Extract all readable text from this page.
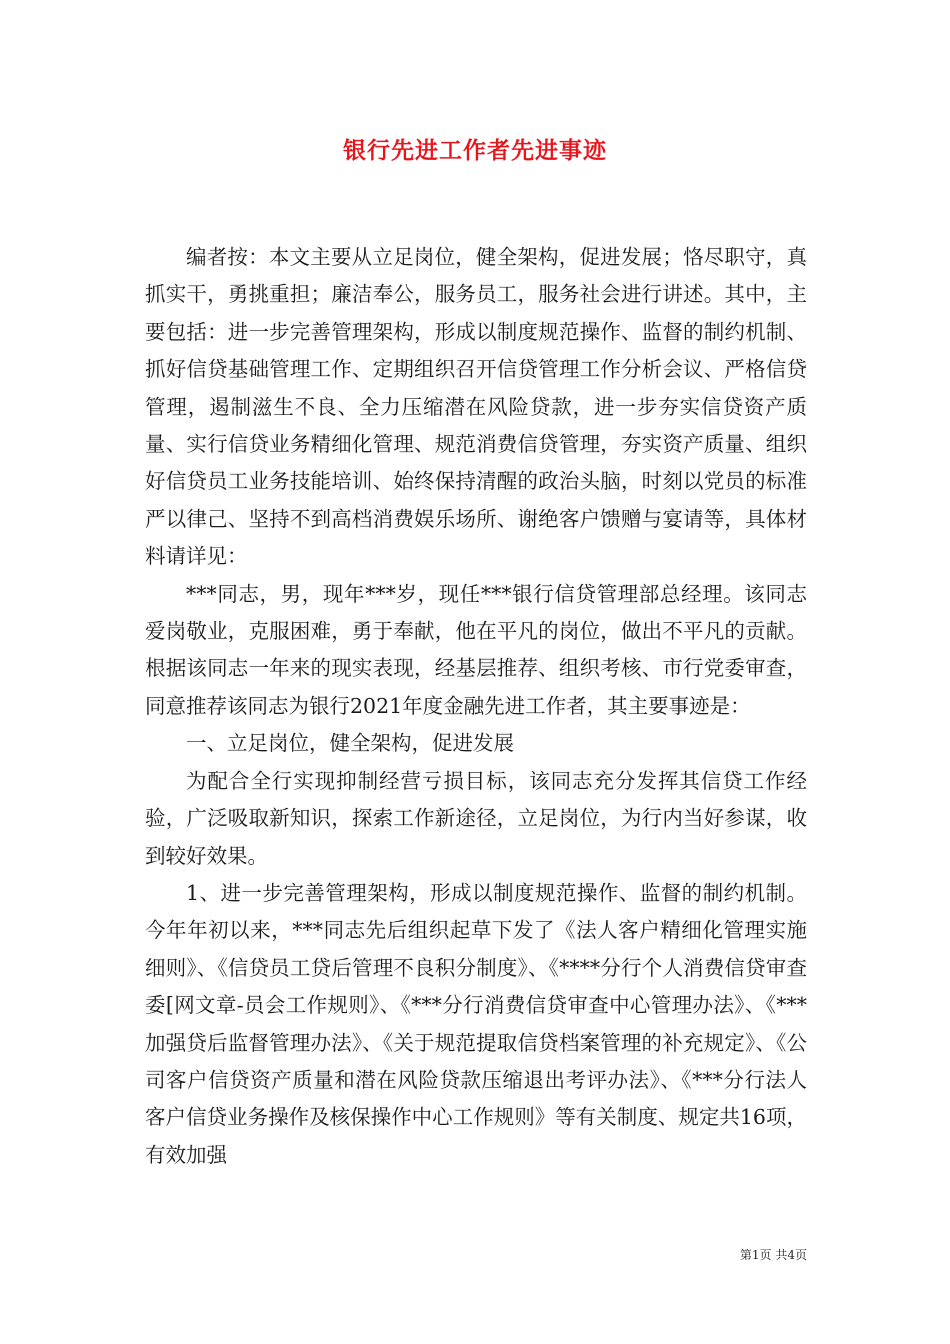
银行先进工作者先进事迹

编者按：本文主要从立足岗位，健全架构，促进发展；恪尽职守，真抓实干，勇挑重担；廉洁奉公，服务员工，服务社会进行讲述。其中，主要包括：进一步完善管理架构，形成以制度规范操作、监督的制约机制、抓好信贷基础管理工作、定期组织召开信贷管理工作分析会议、严格信贷管理，遏制滋生不良、全力压缩潜在风险贷款，进一步夯实信贷资产质量、实行信贷业务精细化管理、规范消费信贷管理，夯实资产质量、组织好信贷员工业务技能培训、始终保持清醒的政治头脑，时刻以党员的标准严以律己、坚持不到高档消费娱乐场所、谢绝客户馈赠与宴请等，具体材料请详见：

***同志，男，现年***岁，现任***银行信贷管理部总经理。该同志爱岗敬业，克服困难，勇于奉献，他在平凡的岗位，做出不平凡的贡献。根据该同志一年来的现实表现，经基层推荐、组织考核、市行党委审查，同意推荐该同志为银行2021年度金融先进工作者，其主要事迹是：

一、立足岗位，健全架构，促进发展

为配合全行实现抑制经营亏损目标，该同志充分发挥其信贷工作经验，广泛吸取新知识，探索工作新途径，立足岗位，为行内当好参谋，收到较好效果。

1、进一步完善管理架构，形成以制度规范操作、监督的制约机制。今年年初以来，***同志先后组织起草下发了《法人客户精细化管理实施细则》、《信贷员工贷后管理不良积分制度》、《****分行个人消费信贷审查委[网文章-员会工作规则》、《***分行消费信贷审查中心管理办法》、《***加强贷后监督管理办法》、《关于规范提取信贷档案管理的补充规定》、《公司客户信贷资产质量和潜在风险贷款压缩退出考评办法》、《***分行法人客户信贷业务操作及核保操作中心工作规则》等有关制度、规定共16项，有效加强

第1页 共4页
